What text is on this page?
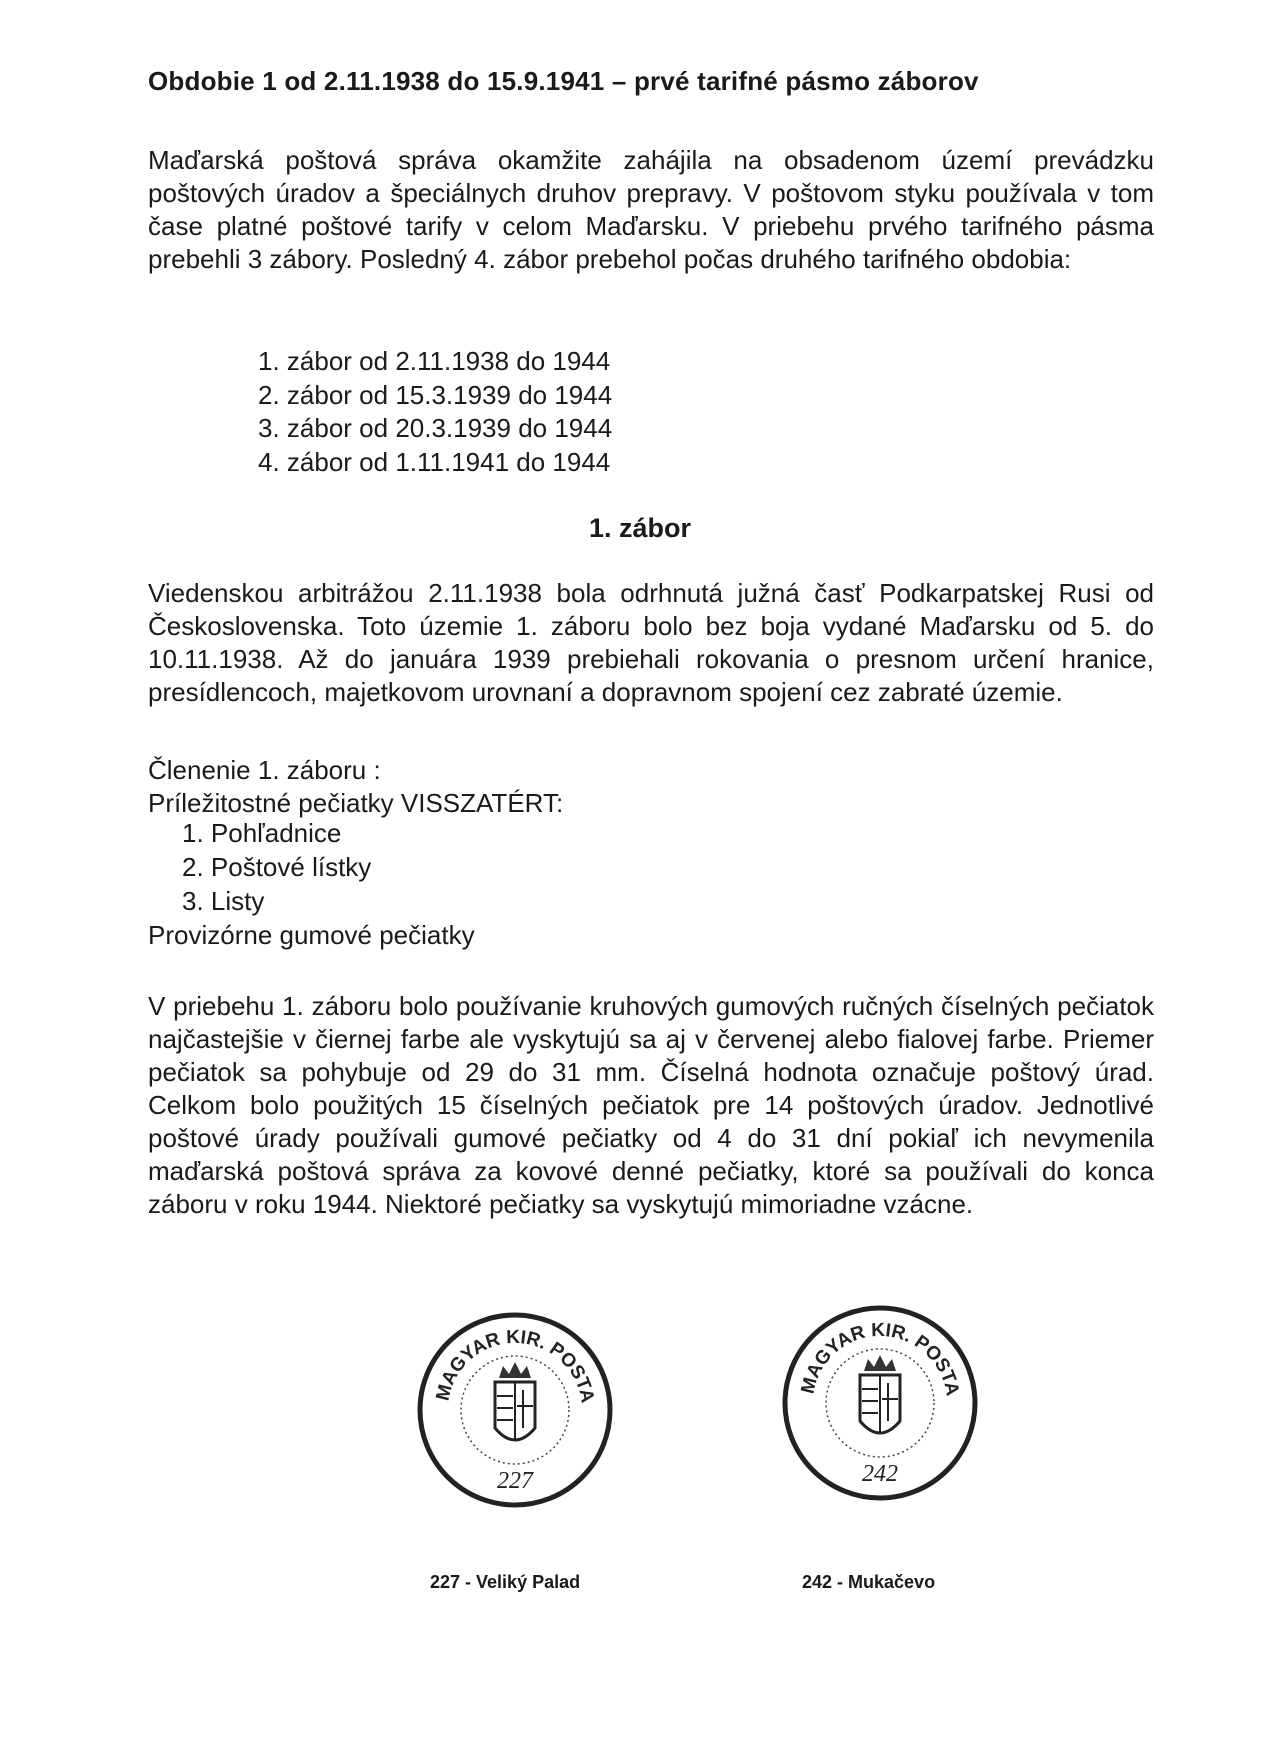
Obdobie 1 od 2.11.1938 do 15.9.1941 – prvé tarifné pásmo záborov

Maďarská poštová správa okamžite zahájila na obsadenom území prevádzku poštových úradov a špeciálnych druhov prepravy. V poštovom styku používala v tom čase platné poštové tarify v celom Maďarsku. V priebehu prvého tarifného pásma prebehli 3 zábory. Posledný 4. zábor prebehol počas druhého tarifného obdobia:

1. zábor od 2.11.1938 do 1944
2. zábor od 15.3.1939 do 1944
3. zábor od 20.3.1939 do 1944
4. zábor od 1.11.1941 do 1944
1. zábor

Viedenskou arbitrážou 2.11.1938 bola odrhnutá južná časť Podkarpatskej Rusi od Československa. Toto územie 1. záboru bolo bez boja vydané Maďarsku od 5. do 10.11.1938. Až do januára 1939 prebiehali rokovania o presnom určení hranice, presídlencoch, majetkovom urovnaní a dopravnom spojení cez zabraté územie.

Členenie 1. záboru :

Príležitostné pečiatky VISSZATÉRT:

1. Pohľadnice
2. Poštové lístky
3. Listy

Provizórne gumové pečiatky

V priebehu 1. záboru bolo používanie kruhových gumových ručných číselných pečiatok najčastejšie v čiernej farbe ale vyskytujú sa aj v červenej alebo fialovej farbe. Priemer pečiatok sa pohybuje od 29 do 31 mm. Číselná hodnota označuje poštový úrad. Celkom bolo použitých 15 číselných pečiatok pre 14 poštových úradov. Jednotlivé poštové úrady používali gumové pečiatky od 4 do 31 dní pokiaľ ich nevymenila maďarská poštová správa za kovové denné pečiatky, ktoré sa používali do konca záboru v roku 1944. Niektoré pečiatky sa vyskytujú mimoriadne vzácne.

MAGYAR KIR. POSTA
227
MAGYAR KIR. POSTA
242

227 - Veliký Palad	242 - Mukačevo
